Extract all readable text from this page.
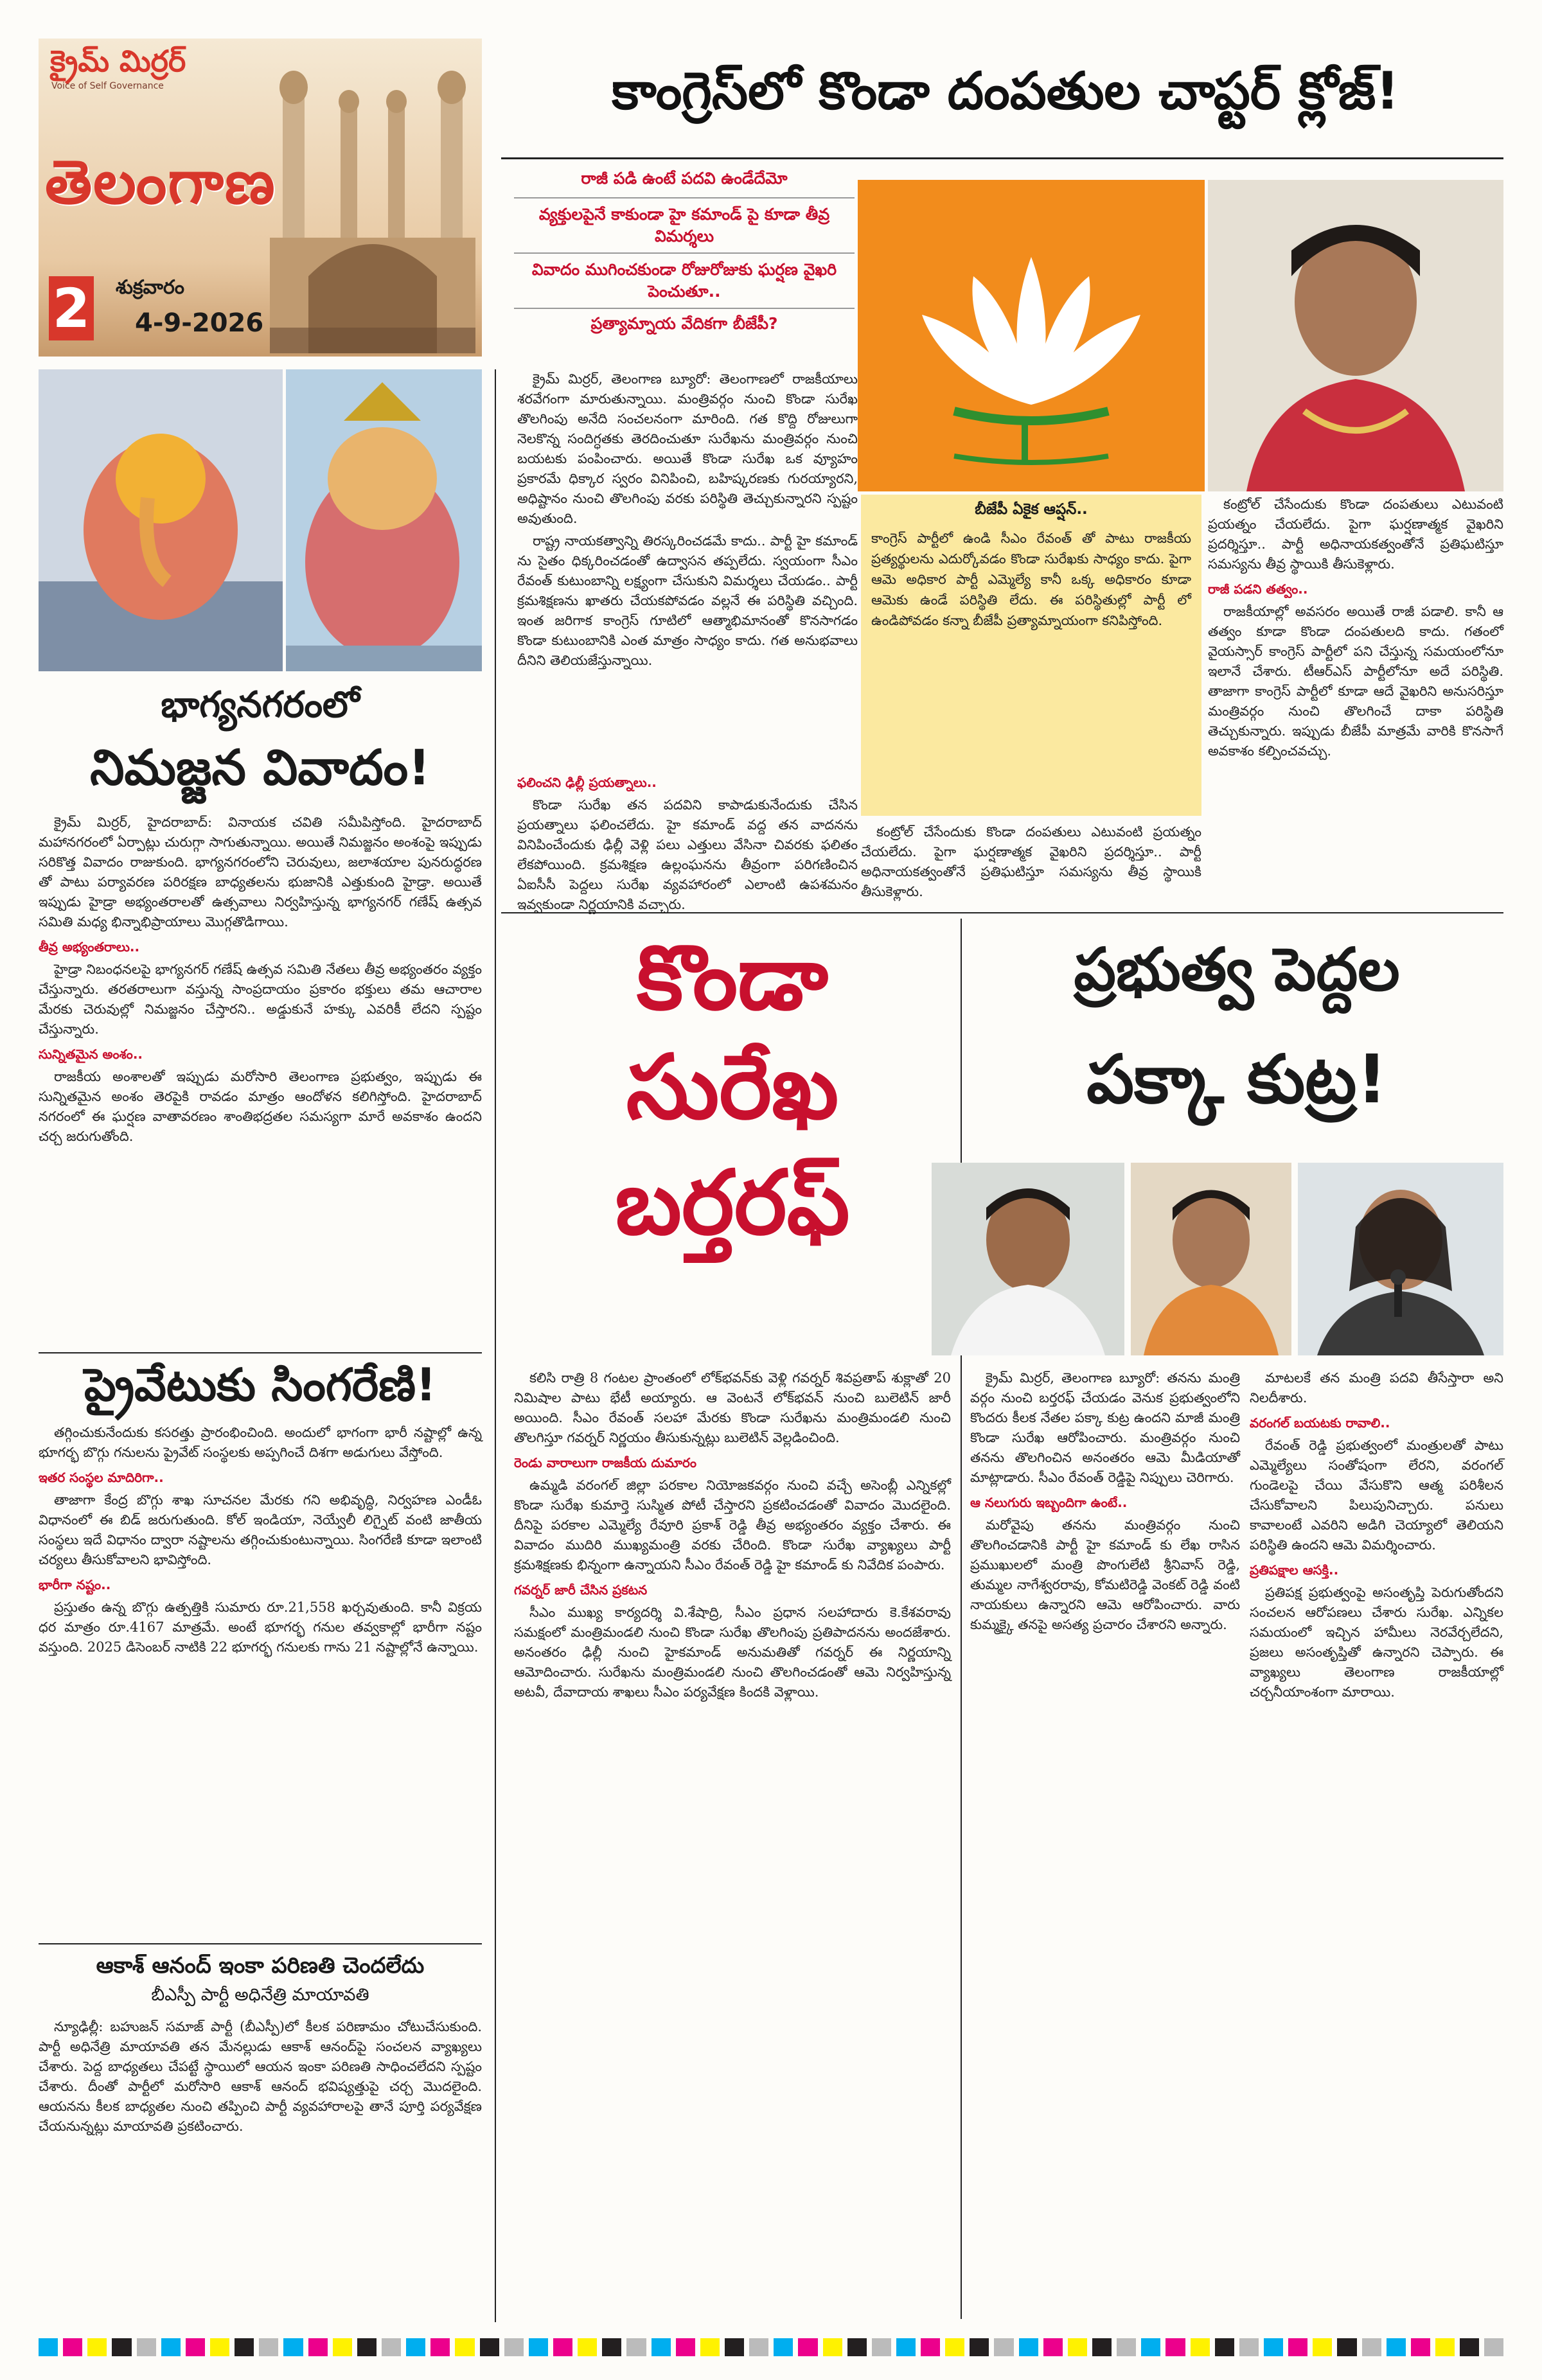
క్రైమ్ మిర్రర్
Voice of Self Governance
తెలంగాణ
2 శుక్రవారం
4-9-2026
కాంగ్రెస్‌లో కొండా దంపతుల చాప్టర్ క్లోజ్!
రాజీ పడి ఉంటే పదవి ఉండేదేమో
వ్యక్తులపైనే కాకుండా హై కమాండ్ పై కూడా తీవ్ర విమర్శలు
వివాదం ముగించకుండా రోజురోజుకు ఘర్షణ వైఖరి పెంచుతూ..
ప్రత్యామ్నాయ వేదికగా బీజేపీ?

క్రైమ్ మిర్రర్, తెలంగాణ బ్యూరో: తెలంగాణలో రాజకీయాలు శరవేగంగా మారుతున్నాయి. మంత్రివర్గం నుంచి కొండా సురేఖ తొలగింపు అనేది సంచలనంగా మారింది. గత కొద్ది రోజులుగా నెలకొన్న సందిగ్ధతకు తెరదించుతూ సురేఖను మంత్రివర్గం నుంచి బయటకు పంపించారు. అయితే కొండా సురేఖ ఒక వ్యూహం ప్రకారమే ధిక్కార స్వరం వినిపించి, బహిష్కరణకు గురయ్యారని, అధిష్టానం నుంచి తొలగింపు వరకు పరిస్థితి తెచ్చుకున్నారని స్పష్టం అవుతుంది.

రాష్ట్ర నాయకత్వాన్ని తిరస్కరించడమే కాదు.. పార్టీ హై కమాండ్ ను సైతం ధిక్కరించడంతో ఉద్వాసన తప్పలేదు. స్వయంగా సీఎం రేవంత్ కుటుంబాన్ని లక్ష్యంగా చేసుకుని విమర్శలు చేయడం.. పార్టీ క్రమశిక్షణను ఖాతరు చేయకపోవడం వల్లనే ఈ పరిస్థితి వచ్చింది. ఇంత జరిగాక కాంగ్రెస్ గూటిలో ఆత్మాభిమానంతో కొనసాగడం కొండా కుటుంబానికి ఎంత మాత్రం సాధ్యం కాదు. గత అనుభవాలు దీనిని తెలియజేస్తున్నాయి.

ఫలించని ఢిల్లీ ప్రయత్నాలు..

కొండా సురేఖ తన పదవిని కాపాడుకునేందుకు చేసిన ప్రయత్నాలు ఫలించలేదు. హై కమాండ్ వద్ద తన వాదనను వినిపించేందుకు ఢిల్లీ వెళ్లి పలు ఎత్తులు వేసినా చివరకు ఫలితం లేకపోయింది. క్రమశిక్షణ ఉల్లంఘనను తీవ్రంగా పరిగణించిన ఏఐసీసీ పెద్దలు సురేఖ వ్యవహారంలో ఎలాంటి ఉపశమనం ఇవ్వకుండా నిర్ణయానికి వచ్చారు.

బీజేపీ ఏకైక ఆప్షన్..
కాంగ్రెస్ పార్టీలో ఉండి సీఎం రేవంత్ తో పాటు రాజకీయ ప్రత్యర్థులను ఎదుర్కోవడం కొండా సురేఖకు సాధ్యం కాదు. పైగా ఆమె అధికార పార్టీ ఎమ్మెల్యే కానీ ఒక్క అధికారం కూడా ఆమెకు ఉండే పరిస్థితి లేదు. ఈ పరిస్థితుల్లో పార్టీ లో ఉండిపోవడం కన్నా బీజేపీ ప్రత్యామ్నాయంగా కనిపిస్తోంది.

కంట్రోల్ చేసేందుకు కొండా దంపతులు ఎటువంటి ప్రయత్నం చేయలేదు. పైగా ఘర్షణాత్మక వైఖరిని ప్రదర్శిస్తూ.. పార్టీ అధినాయకత్వంతోనే ప్రతిఘటిస్తూ సమస్యను తీవ్ర స్థాయికి తీసుకెళ్లారు.

కంట్రోల్ చేసేందుకు కొండా దంపతులు ఎటువంటి ప్రయత్నం చేయలేదు. పైగా ఘర్షణాత్మక వైఖరిని ప్రదర్శిస్తూ.. పార్టీ అధినాయకత్వంతోనే ప్రతిఘటిస్తూ సమస్యను తీవ్ర స్థాయికి తీసుకెళ్లారు.

రాజీ పడని తత్వం..

రాజకీయాల్లో అవసరం అయితే రాజీ పడాలి. కానీ ఆ తత్వం కూడా కొండా దంపతులది కాదు. గతంలో వైయస్సార్ కాంగ్రెస్ పార్టీలో పని చేస్తున్న సమయంలోనూ ఇలానే చేశారు. టీఆర్ఎస్ పార్టీలోనూ అదే పరిస్థితి. తాజాగా కాంగ్రెస్ పార్టీలో కూడా ఆదే వైఖరిని అనుసరిస్తూ మంత్రివర్గం నుంచి తొలగించే దాకా పరిస్థితి తెచ్చుకున్నారు. ఇప్పుడు బీజేపీ మాత్రమే వారికి కొనసాగే అవకాశం కల్పించవచ్చు.

భాగ్యనగరంలో
నిమజ్జన వివాదం!

క్రైమ్ మిర్రర్, హైదరాబాద్: వినాయక చవితి సమీపిస్తోంది. హైదరాబాద్ మహానగరంలో ఏర్పాట్లు చురుగ్గా సాగుతున్నాయి. అయితే నిమజ్జనం అంశంపై ఇప్పుడు సరికొత్త వివాదం రాజుకుంది. భాగ్యనగరంలోని చెరువులు, జలాశయాల పునరుద్ధరణ తో పాటు పర్యావరణ పరిరక్షణ బాధ్యతలను భుజానికి ఎత్తుకుంది హైడ్రా. అయితే ఇప్పుడు హైడ్రా అభ్యంతరాలతో ఉత్సవాలు నిర్వహిస్తున్న భాగ్యనగర్ గణేష్ ఉత్సవ సమితి మధ్య భిన్నాభిప్రాయాలు మొగ్గతొడిగాయి.

తీవ్ర అభ్యంతరాలు..

హైడ్రా నిబంధనలపై భాగ్యనగర్ గణేష్ ఉత్సవ సమితి నేతలు తీవ్ర అభ్యంతరం వ్యక్తం చేస్తున్నారు. తరతరాలుగా వస్తున్న సాంప్రదాయం ప్రకారం భక్తులు తమ ఆచారాల మేరకు చెరువుల్లో నిమజ్జనం చేస్తారని.. అడ్డుకునే హక్కు ఎవరికీ లేదని స్పష్టం చేస్తున్నారు.

సున్నితమైన అంశం..

రాజకీయ అంశాలతో ఇప్పుడు మరోసారి తెలంగాణ ప్రభుత్వం, ఇప్పుడు ఈ సున్నితమైన అంశం తెరపైకి రావడం మాత్రం ఆందోళన కలిగిస్తోంది. హైదరాబాద్ నగరంలో ఈ ఘర్షణ వాతావరణం శాంతిభద్రతల సమస్యగా మారే అవకాశం ఉందని చర్చ జరుగుతోంది.

ప్రైవేటుకు సింగరేణి!

తగ్గించుకునేందుకు కసరత్తు ప్రారంభించింది. అందులో భాగంగా భారీ నష్టాల్లో ఉన్న భూగర్భ బొగ్గు గనులను ప్రైవేట్ సంస్థలకు అప్పగించే దిశగా అడుగులు వేస్తోంది.

ఇతర సంస్థల మాదిరిగా..

తాజాగా కేంద్ర బొగ్గు శాఖ సూచనల మేరకు గని అభివృద్ధి, నిర్వహణ ఎండీఓ విధానంలో ఈ బిడ్ జరుగుతుంది. కోల్ ఇండియా, నెయ్వేలీ లిగ్నైట్ వంటి జాతీయ సంస్థలు ఇదే విధానం ద్వారా నష్టాలను తగ్గించుకుంటున్నాయి. సింగరేణి కూడా ఇలాంటి చర్యలు తీసుకోవాలని భావిస్తోంది.

భారీగా నష్టం..

ప్రస్తుతం ఉన్న బొగ్గు ఉత్పత్తికి సుమారు రూ.21,558 ఖర్చవుతుంది. కానీ విక్రయ ధర మాత్రం రూ.4167 మాత్రమే. అంటే భూగర్భ గనుల తవ్వకాల్లో భారీగా నష్టం వస్తుంది. 2025 డిసెంబర్ నాటికి 22 భూగర్భ గనులకు గాను 21 నష్టాల్లోనే ఉన్నాయి.

ఆకాశ్ ఆనంద్ ఇంకా పరిణతి చెందలేదు
బీఎస్పీ పార్టీ అధినేత్రి మాయావతి

న్యూఢిల్లీ: బహుజన్ సమాజ్ పార్టీ (బీఎస్పీ)లో కీలక పరిణామం చోటుచేసుకుంది. పార్టీ అధినేత్రి మాయావతి తన మేనల్లుడు ఆకాశ్ ఆనంద్‌పై సంచలన వ్యాఖ్యలు చేశారు. పెద్ద బాధ్యతలు చేపట్టే స్థాయిలో ఆయన ఇంకా పరిణతి సాధించలేదని స్పష్టం చేశారు. దీంతో పార్టీలో మరోసారి ఆకాశ్ ఆనంద్ భవిష్యత్తుపై చర్చ మొదలైంది. ఆయనను కీలక బాధ్యతల నుంచి తప్పించి పార్టీ వ్యవహారాలపై తానే పూర్తి పర్యవేక్షణ చేయనున్నట్లు మాయావతి ప్రకటించారు.

కొండా
సురేఖ
బర్తరఫ్

కలిసి రాత్రి 8 గంటల ప్రాంతంలో లోక్‌భవన్‌కు వెళ్లి గవర్నర్ శివప్రతాప్ శుక్లాతో 20 నిమిషాల పాటు భేటీ అయ్యారు. ఆ వెంటనే లోక్‌భవన్ నుంచి బులెటిన్ జారీ అయింది. సీఎం రేవంత్ సలహా మేరకు కొండా సురేఖను మంత్రిమండలి నుంచి తొలగిస్తూ గవర్నర్ నిర్ణయం తీసుకున్నట్లు బులెటిన్ వెల్లడించింది.

రెండు వారాలుగా రాజకీయ దుమారం

ఉమ్మడి వరంగల్ జిల్లా పరకాల నియోజకవర్గం నుంచి వచ్చే అసెంబ్లీ ఎన్నికల్లో కొండా సురేఖ కుమార్తె సుస్మిత పోటీ చేస్తారని ప్రకటించడంతో వివాదం మొదలైంది. దీనిపై పరకాల ఎమ్మెల్యే రేవూరి ప్రకాశ్ రెడ్డి తీవ్ర అభ్యంతరం వ్యక్తం చేశారు. ఈ వివాదం ముదిరి ముఖ్యమంత్రి వరకు చేరింది. కొండా సురేఖ వ్యాఖ్యలు పార్టీ క్రమశిక్షణకు భిన్నంగా ఉన్నాయని సీఎం రేవంత్ రెడ్డి హై కమాండ్ కు నివేదిక పంపారు.

గవర్నర్ జారీ చేసిన ప్రకటన

సీఎం ముఖ్య కార్యదర్శి వి.శేషాద్రి, సీఎం ప్రధాన సలహాదారు కె.కేశవరావు సమక్షంలో మంత్రిమండలి నుంచి కొండా సురేఖ తొలగింపు ప్రతిపాదనను అందజేశారు. అనంతరం ఢిల్లీ నుంచి హైకమాండ్ అనుమతితో గవర్నర్ ఈ నిర్ణయాన్ని ఆమోదించారు. సురేఖను మంత్రిమండలి నుంచి తొలగించడంతో ఆమె నిర్వహిస్తున్న అటవీ, దేవాదాయ శాఖలు సీఎం పర్యవేక్షణ కిందకి వెళ్లాయి.

ప్రభుత్వ పెద్దల
పక్కా కుట్ర!

క్రైమ్ మిర్రర్, తెలంగాణ బ్యూరో: తనను మంత్రి వర్గం నుంచి బర్తరఫ్ చేయడం వెనుక ప్రభుత్వంలోని కొందరు కీలక నేతల పక్కా కుట్ర ఉందని మాజీ మంత్రి కొండా సురేఖ ఆరోపించారు. మంత్రివర్గం నుంచి తనను తొలగించిన అనంతరం ఆమె మీడియాతో మాట్లాడారు. సీఎం రేవంత్ రెడ్డిపై నిప్పులు చెరిగారు.

ఆ నలుగురు ఇబ్బందిగా ఉంటే..

మరోవైపు తనను మంత్రివర్గం నుంచి తొలగించడానికి పార్టీ హై కమాండ్ కు లేఖ రాసిన ప్రముఖులలో మంత్రి పొంగులేటి శ్రీనివాస్ రెడ్డి, తుమ్మల నాగేశ్వరరావు, కోమటిరెడ్డి వెంకట్ రెడ్డి వంటి నాయకులు ఉన్నారని ఆమె ఆరోపించారు. వారు కుమ్మక్కై తనపై అసత్య ప్రచారం చేశారని అన్నారు.

మాటలకే తన మంత్రి పదవి తీసేస్తారా అని నిలదీశారు.

వరంగల్ బయటకు రావాలి..

రేవంత్ రెడ్డి ప్రభుత్వంలో మంత్రులతో పాటు ఎమ్మెల్యేలు సంతోషంగా లేరని, వరంగల్ గుండెలపై చేయి వేసుకొని ఆత్మ పరిశీలన చేసుకోవాలని పిలుపునిచ్చారు. పనులు కావాలంటే ఎవరిని అడిగి చెయ్యాలో తెలియని పరిస్థితి ఉందని ఆమె విమర్శించారు.

ప్రతిపక్షాల ఆసక్తి..

ప్రతిపక్ష ప్రభుత్వంపై అసంతృప్తి పెరుగుతోందని సంచలన ఆరోపణలు చేశారు సురేఖ. ఎన్నికల సమయంలో ఇచ్చిన హామీలు నెరవేర్చలేదని, ప్రజలు అసంతృప్తితో ఉన్నారని చెప్పారు. ఈ వ్యాఖ్యలు తెలంగాణ రాజకీయాల్లో చర్చనీయాంశంగా మారాయి.
